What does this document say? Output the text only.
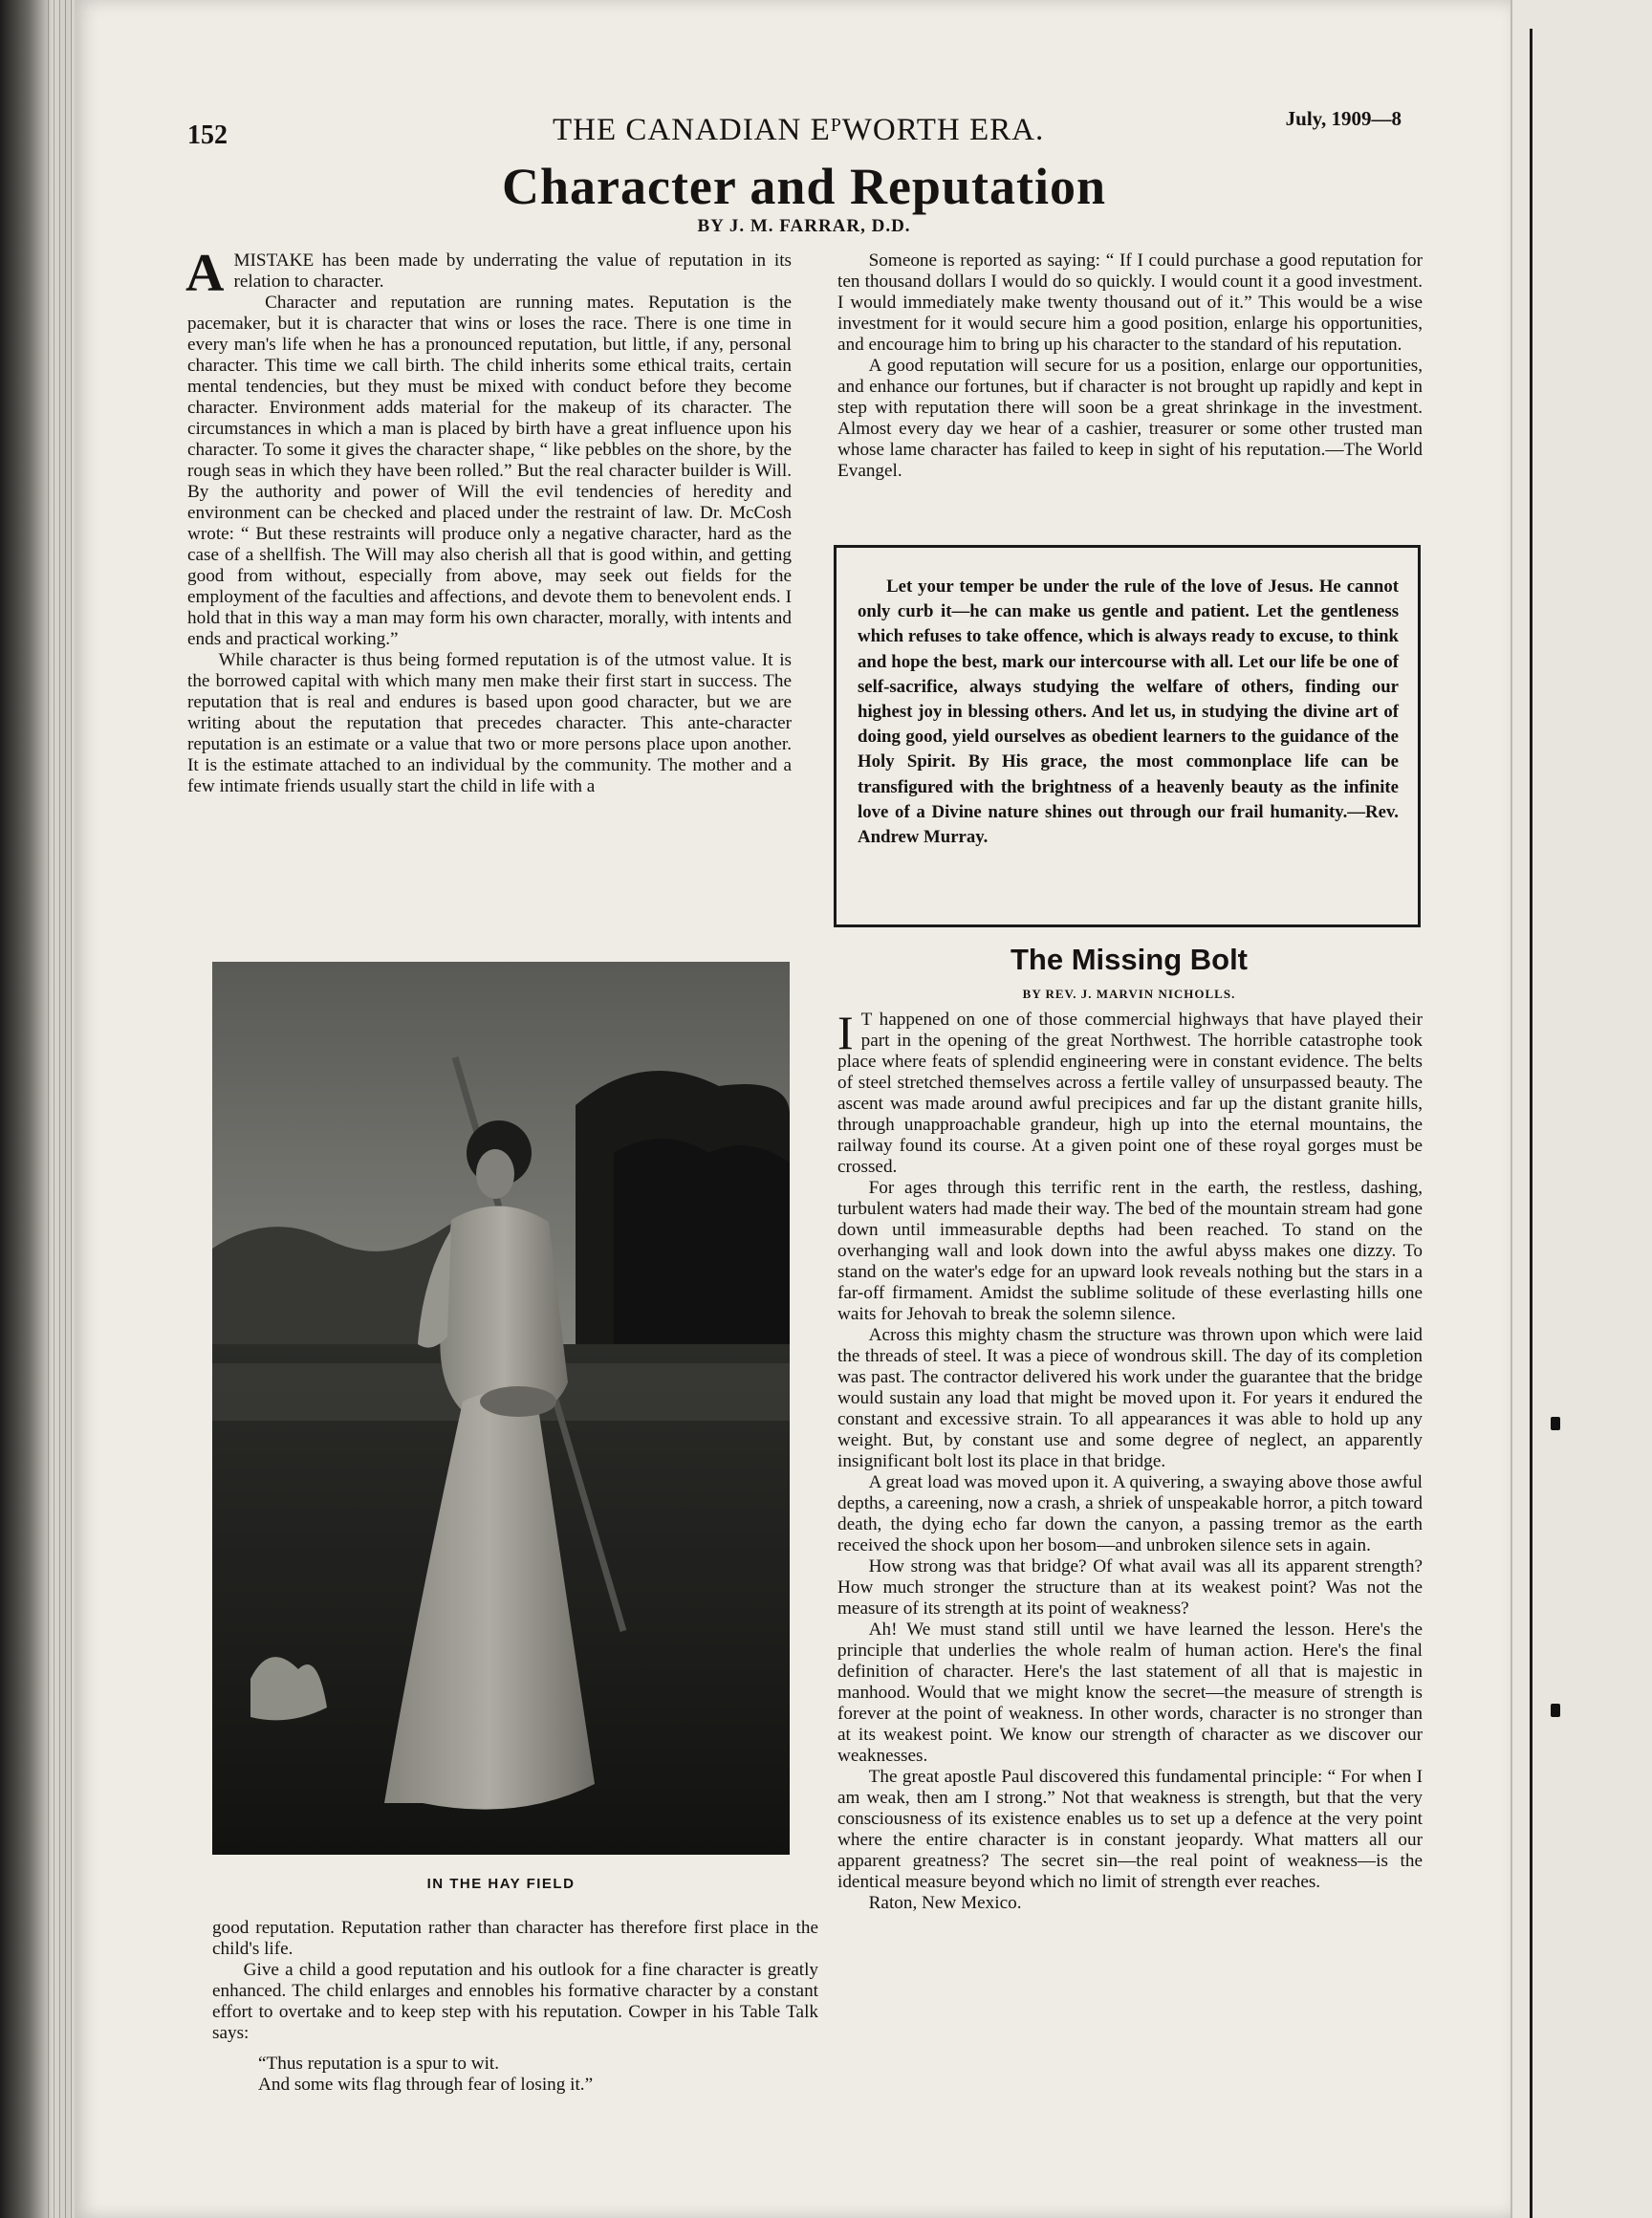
152	THE CANADIAN EᴾWORTH ERA.	July, 1909—8
Character and Reputation
BY J. M. FARRAR, D.D.

AMISTAKE has been made by underrating the value of reputation in its relation to character.

Character and reputation are running mates. Reputation is the pacemaker, but it is character that wins or loses the race. There is one time in every man's life when he has a pronounced reputation, but little, if any, personal character. This time we call birth. The child inherits some ethical traits, certain mental tendencies, but they must be mixed with conduct before they become character. Environment adds material for the makeup of its character. The circumstances in which a man is placed by birth have a great influence upon his character. To some it gives the character shape, “ like pebbles on the shore, by the rough seas in which they have been rolled.” But the real character builder is Will. By the authority and power of Will the evil tendencies of heredity and environment can be checked and placed under the restraint of law. Dr. McCosh wrote: “ But these restraints will produce only a negative character, hard as the case of a shellfish. The Will may also cherish all that is good within, and getting good from without, especially from above, may seek out fields for the employment of the faculties and affections, and devote them to benevolent ends. I hold that in this way a man may form his own character, morally, with intents and ends and practical working.”

While character is thus being formed reputation is of the utmost value. It is the borrowed capital with which many men make their first start in success. The reputation that is real and endures is based upon good character, but we are writing about the reputation that precedes character. This ante-character reputation is an estimate or a value that two or more persons place upon another. It is the estimate attached to an individual by the community. The mother and a few intimate friends usually start the child in life with a

Someone is reported as saying: “ If I could purchase a good reputation for ten thousand dollars I would do so quickly. I would count it a good investment. I would immediately make twenty thousand out of it.” This would be a wise investment for it would secure him a good position, enlarge his opportunities, and encourage him to bring up his character to the standard of his reputation.

A good reputation will secure for us a position, enlarge our opportunities, and enhance our fortunes, but if character is not brought up rapidly and kept in step with reputation there will soon be a great shrinkage in the investment. Almost every day we hear of a cashier, treasurer or some other trusted man whose lame character has failed to keep in sight of his reputation.—The World Evangel.

Let your temper be under the rule of the love of Jesus. He cannot only curb it—he can make us gentle and patient. Let the gentleness which refuses to take offence, which is always ready to excuse, to think and hope the best, mark our intercourse with all. Let our life be one of self-sacrifice, always studying the welfare of others, finding our highest joy in blessing others. And let us, in studying the divine art of doing good, yield ourselves as obedient learners to the guidance of the Holy Spirit. By His grace, the most commonplace life can be transfigured with the brightness of a heavenly beauty as the infinite love of a Divine nature shines out through our frail humanity.—Rev. Andrew Murray.
IN THE HAY FIELD

good reputation. Reputation rather than character has therefore first place in the child's life.

Give a child a good reputation and his outlook for a fine character is greatly enhanced. The child enlarges and ennobles his formative character by a constant effort to overtake and to keep step with his reputation. Cowper in his Table Talk says:

“Thus reputation is a spur to wit.
And some wits flag through fear of losing it.”
The Missing Bolt
BY REV. J. MARVIN NICHOLLS.

I T happened on one of those commercial highways that have played their part in the opening of the great Northwest. The horrible catastrophe took place where feats of splendid engineering were in constant evidence. The belts of steel stretched themselves across a fertile valley of unsurpassed beauty. The ascent was made around awful precipices and far up the distant granite hills, through unapproachable grandeur, high up into the eternal mountains, the railway found its course. At a given point one of these royal gorges must be crossed.

For ages through this terrific rent in the earth, the restless, dashing, turbulent waters had made their way. The bed of the mountain stream had gone down until immeasurable depths had been reached. To stand on the overhanging wall and look down into the awful abyss makes one dizzy. To stand on the water's edge for an upward look reveals nothing but the stars in a far-off firmament. Amidst the sublime solitude of these everlasting hills one waits for Jehovah to break the solemn silence.

Across this mighty chasm the structure was thrown upon which were laid the threads of steel. It was a piece of wondrous skill. The day of its completion was past. The contractor delivered his work under the guarantee that the bridge would sustain any load that might be moved upon it. For years it endured the constant and excessive strain. To all appearances it was able to hold up any weight. But, by constant use and some degree of neglect, an apparently insignificant bolt lost its place in that bridge.

A great load was moved upon it. A quivering, a swaying above those awful depths, a careening, now a crash, a shriek of unspeakable horror, a pitch toward death, the dying echo far down the canyon, a passing tremor as the earth received the shock upon her bosom—and unbroken silence sets in again.

How strong was that bridge? Of what avail was all its apparent strength? How much stronger the structure than at its weakest point? Was not the measure of its strength at its point of weakness?

Ah! We must stand still until we have learned the lesson. Here's the principle that underlies the whole realm of human action. Here's the final definition of character. Here's the last statement of all that is majestic in manhood. Would that we might know the secret—the measure of strength is forever at the point of weakness. In other words, character is no stronger than at its weakest point. We know our strength of character as we discover our weaknesses.

The great apostle Paul discovered this fundamental principle: “ For when I am weak, then am I strong.” Not that weakness is strength, but that the very consciousness of its existence enables us to set up a defence at the very point where the entire character is in constant jeopardy. What matters all our apparent greatness? The secret sin—the real point of weakness—is the identical measure beyond which no limit of strength ever reaches.

Raton, New Mexico.
